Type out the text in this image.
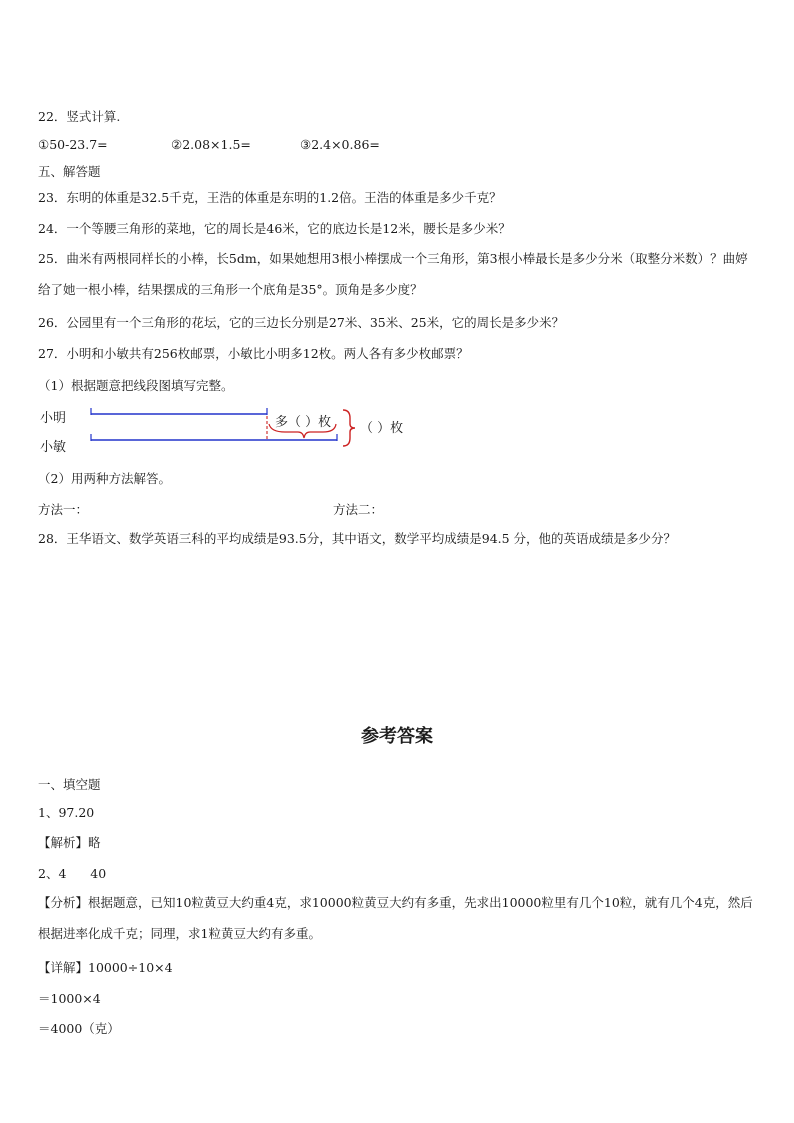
22．竖式计算.
①50-23.7=	②2.08×1.5=	③2.4×0.86=
五、解答题
23．东明的体重是32.5千克，王浩的体重是东明的1.2倍。王浩的体重是多少千克？
24．一个等腰三角形的菜地，它的周长是46米，它的底边长是12米，腰长是多少米？
25．曲米有两根同样长的小棒，长5dm，如果她想用3根小棒摆成一个三角形，第3根小棒最长是多少分米（取整分米数）？曲婷给了她一根小棒，结果摆成的三角形一个底角是35°。顶角是多少度？
26．公园里有一个三角形的花坛，它的三边长分别是27米、35米、25米，它的周长是多少米？
27．小明和小敏共有256枚邮票，小敏比小明多12枚。两人各有多少枚邮票？
（1）根据题意把线段图填写完整。
小明
小敏
多（ ）枚 （ ）枚
（2）用两种方法解答。
方法一：	方法二：
28．王华语文、数学英语三科的平均成绩是93.5分，其中语文，数学平均成绩是94.5 分，他的英语成绩是多少分？
参考答案
一、填空题
1、97.20
【解析】略
2、4      40
【分析】根据题意，已知10粒黄豆大约重4克，求10000粒黄豆大约有多重，先求出10000粒里有几个10粒，就有几个4克，然后根据进率化成千克；同理，求1粒黄豆大约有多重。
【详解】10000÷10×4
＝1000×4
＝4000（克）
